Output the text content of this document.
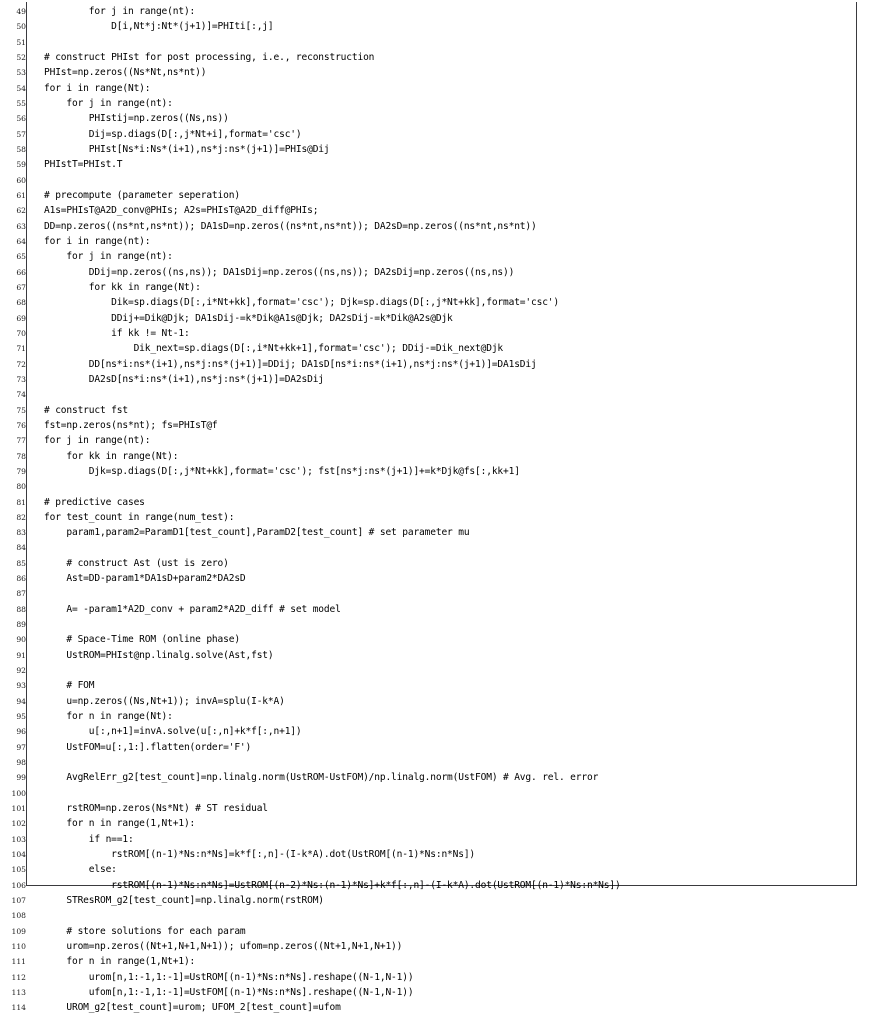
49 for j in range(nt):
50 D[i,Nt*j:Nt*(j+1)]=PHIti[:,j]
51
52 # construct PHIst for post processing, i.e., reconstruction
53 PHIst=np.zeros((Ns*Nt,ns*nt))
54 for i in range(Nt):
55 for j in range(nt):
56 PHIstij=np.zeros((Ns,ns))
57 Dij=sp.diags(D[:,j*Nt+i],format='csc')
58 PHIst[Ns*i:Ns*(i+1),ns*j:ns*(j+1)]=PHIs@Dij
59 PHIstT=PHIst.T
60
61 # precompute (parameter seperation)
62 A1s=PHIsT@A2D_conv@PHIs; A2s=PHIsT@A2D_diff@PHIs;
63 DD=np.zeros((ns*nt,ns*nt)); DA1sD=np.zeros((ns*nt,ns*nt)); DA2sD=np.zeros((ns*nt,ns*nt))
64 for i in range(nt):
65 for j in range(nt):
66 DDij=np.zeros((ns,ns)); DA1sDij=np.zeros((ns,ns)); DA2sDij=np.zeros((ns,ns))
67 for kk in range(Nt):
68 Dik=sp.diags(D[:,i*Nt+kk],format='csc'); Djk=sp.diags(D[:,j*Nt+kk],format='csc')
69 DDij+=Dik@Djk; DA1sDij-=k*Dik@A1s@Djk; DA2sDij-=k*Dik@A2s@Djk
70 if kk != Nt-1:
71 Dik_next=sp.diags(D[:,i*Nt+kk+1],format='csc'); DDij-=Dik_next@Djk
72 DD[ns*i:ns*(i+1),ns*j:ns*(j+1)]=DDij; DA1sD[ns*i:ns*(i+1),ns*j:ns*(j+1)]=DA1sDij
73 DA2sD[ns*i:ns*(i+1),ns*j:ns*(j+1)]=DA2sDij
74
75 # construct fst
76 fst=np.zeros(ns*nt); fs=PHIsT@f
77 for j in range(nt):
78 for kk in range(Nt):
79 Djk=sp.diags(D[:,j*Nt+kk],format='csc'); fst[ns*j:ns*(j+1)]+=k*Djk@fs[:,kk+1]
80
81 # predictive cases
82 for test_count in range(num_test):
83 param1,param2=ParamD1[test_count],ParamD2[test_count] # set parameter mu
84
85 # construct Ast (ust is zero)
86 Ast=DD-param1*DA1sD+param2*DA2sD
87
88 A= -param1*A2D_conv + param2*A2D_diff # set model
89
90 # Space-Time ROM (online phase)
91 UstROM=PHIst@np.linalg.solve(Ast,fst)
92
93 # FOM
94 u=np.zeros((Ns,Nt+1)); invA=splu(I-k*A)
95 for n in range(Nt):
96 u[:,n+1]=invA.solve(u[:,n]+k*f[:,n+1])
97 UstFOM=u[:,1:].flatten(order='F')
98
99 AvgRelErr_g2[test_count]=np.linalg.norm(UstROM-UstFOM)/np.linalg.norm(UstFOM) # Avg. rel. error
100
101 rstROM=np.zeros(Ns*Nt) # ST residual
102 for n in range(1,Nt+1):
103 if n==1:
104 rstROM[(n-1)*Ns:n*Ns]=k*f[:,n]-(I-k*A).dot(UstROM[(n-1)*Ns:n*Ns])
105 else:
106 rstROM[(n-1)*Ns:n*Ns]=UstROM[(n-2)*Ns:(n-1)*Ns]+k*f[:,n]-(I-k*A).dot(UstROM[(n-1)*Ns:n*Ns])
107 STResROM_g2[test_count]=np.linalg.norm(rstROM)
108
109 # store solutions for each param
110 urom=np.zeros((Nt+1,N+1,N+1)); ufom=np.zeros((Nt+1,N+1,N+1))
111 for n in range(1,Nt+1):
112 urom[n,1:-1,1:-1]=UstROM[(n-1)*Ns:n*Ns].reshape((N-1,N-1))
113 ufom[n,1:-1,1:-1]=UstFOM[(n-1)*Ns:n*Ns].reshape((N-1,N-1))
114 UROM_g2[test_count]=urom; UFOM_2[test_count]=ufom
